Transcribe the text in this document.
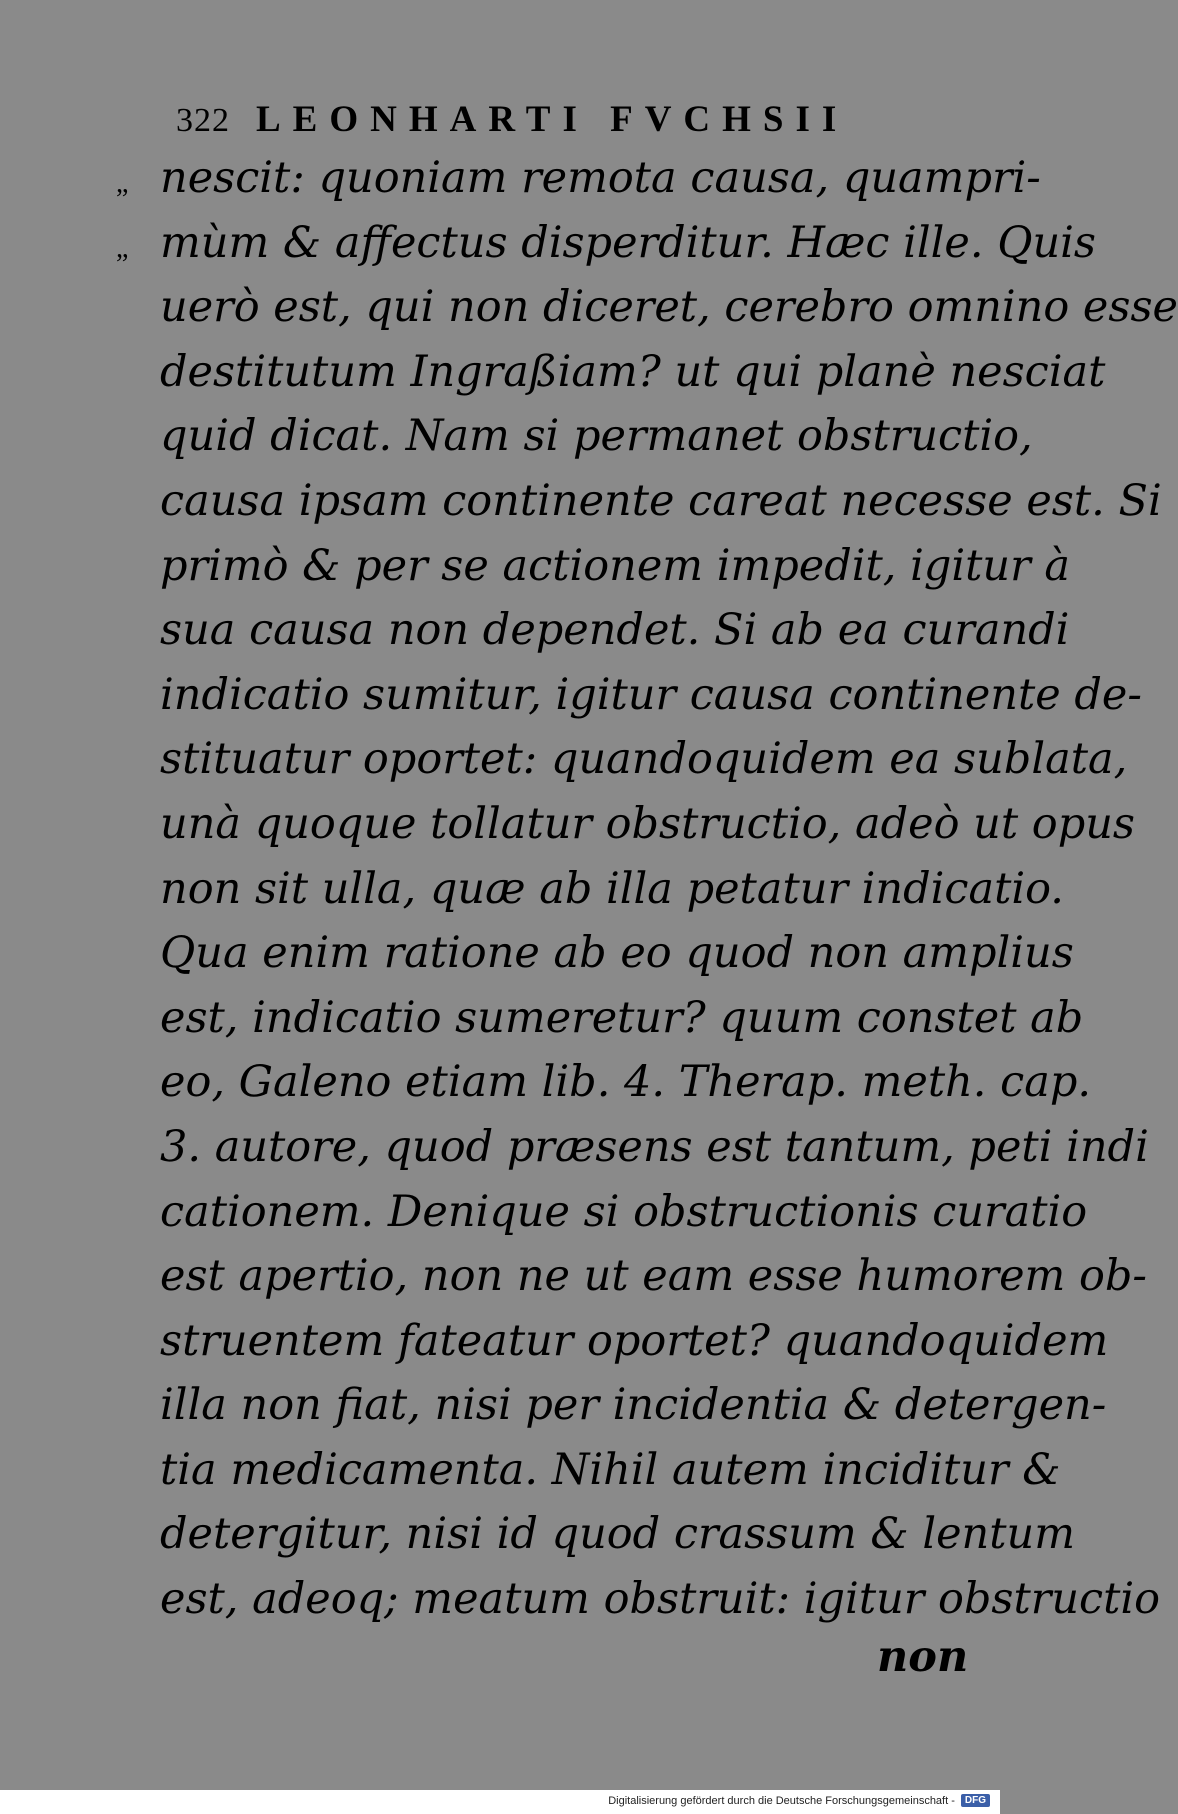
322 LEONHARTI FVCHSII
„ nescit: quoniam remota causa, quampri-
„ mùm & affectus disperditur. Hæc ille. Quis
uerò est, qui non diceret, cerebro omnino esse
destitutum Ingraßiam? ut qui planè nesciat
quid dicat. Nam si permanet obstructio,
causa ipsam continente careat necesse est. Si
primò & per se actionem impedit, igitur à
sua causa non dependet. Si ab ea curandi
indicatio sumitur, igitur causa continente de-
stituatur oportet: quandoquidem ea sublata,
unà quoque tollatur obstructio, adeò ut opus
non sit ulla, quæ ab illa petatur indicatio.
Qua enim ratione ab eo quod non amplius
est, indicatio sumeretur? quum constet ab
eo, Galeno etiam lib. 4. Therap. meth. cap.
3. autore, quod præsens est tantum, peti indi
cationem. Denique si obstructionis curatio
est apertio, non ne ut eam esse humorem ob-
struentem fateatur oportet? quandoquidem
illa non fiat, nisi per incidentia & detergen-
tia medicamenta. Nihil autem inciditur &
detergitur, nisi id quod crassum & lentum
est, adeoq; meatum obstruit: igitur obstructio
non
Digitalisierung gefördert durch die Deutsche Forschungsgemeinschaft -	DFG
